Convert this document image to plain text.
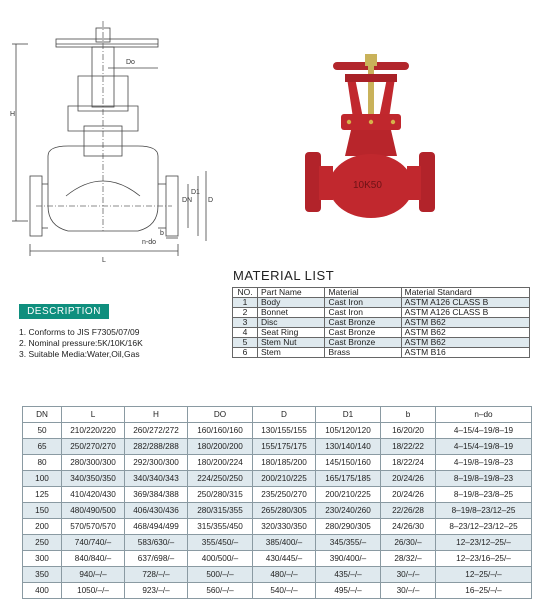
Do
H
DN
D1
D
n-do
b
L
10K50
MATERIAL LIST
NO.	Part Name	Material	Material Standard
1	Body	Cast Iron	ASTM A126 CLASS B
2	Bonnet	Cast Iron	ASTM A126 CLASS B
3	Disc	Cast Bronze	ASTM B62
4	Seat Ring	Cast Bronze	ASTM B62
5	Stem Nut	Cast Bronze	ASTM B62
6	Stem	Brass	ASTM B16
DESCRIPTION
1. Conforms to JIS F7305/07/09
2. Nominal pressure:5K/10K/16K
3. Suitable Media:Water,Oil,Gas
DN	L	H	DO	D	D1	b	n–do
50	210/220/220	260/272/272	160/160/160	130/155/155	105/120/120	16/20/20	4–15/4–19/8–19
65	250/270/270	282/288/288	180/200/200	155/175/175	130/140/140	18/22/22	4–15/4–19/8–19
80	280/300/300	292/300/300	180/200/224	180/185/200	145/150/160	18/22/24	4–19/8–19/8–23
100	340/350/350	340/340/343	224/250/250	200/210/225	165/175/185	20/24/26	8–19/8–19/8–23
125	410/420/430	369/384/388	250/280/315	235/250/270	200/210/225	20/24/26	8–19/8–23/8–25
150	480/490/500	406/430/436	280/315/355	265/280/305	230/240/260	22/26/28	8–19/8–23/12–25
200	570/570/570	468/494/499	315/355/450	320/330/350	280/290/305	24/26/30	8–23/12–23/12–25
250	740/740/–	583/630/–	355/450/–	385/400/–	345/355/–	26/30/–	12–23/12–25/–
300	840/840/–	637/698/–	400/500/–	430/445/–	390/400/–	28/32/–	12–23/16–25/–
350	940/–/–	728/–/–	500/–/–	480/–/–	435/–/–	30/–/–	12–25/–/–
400	1050/–/–	923/–/–	560/–/–	540/–/–	495/–/–	30/–/–	16–25/–/–
